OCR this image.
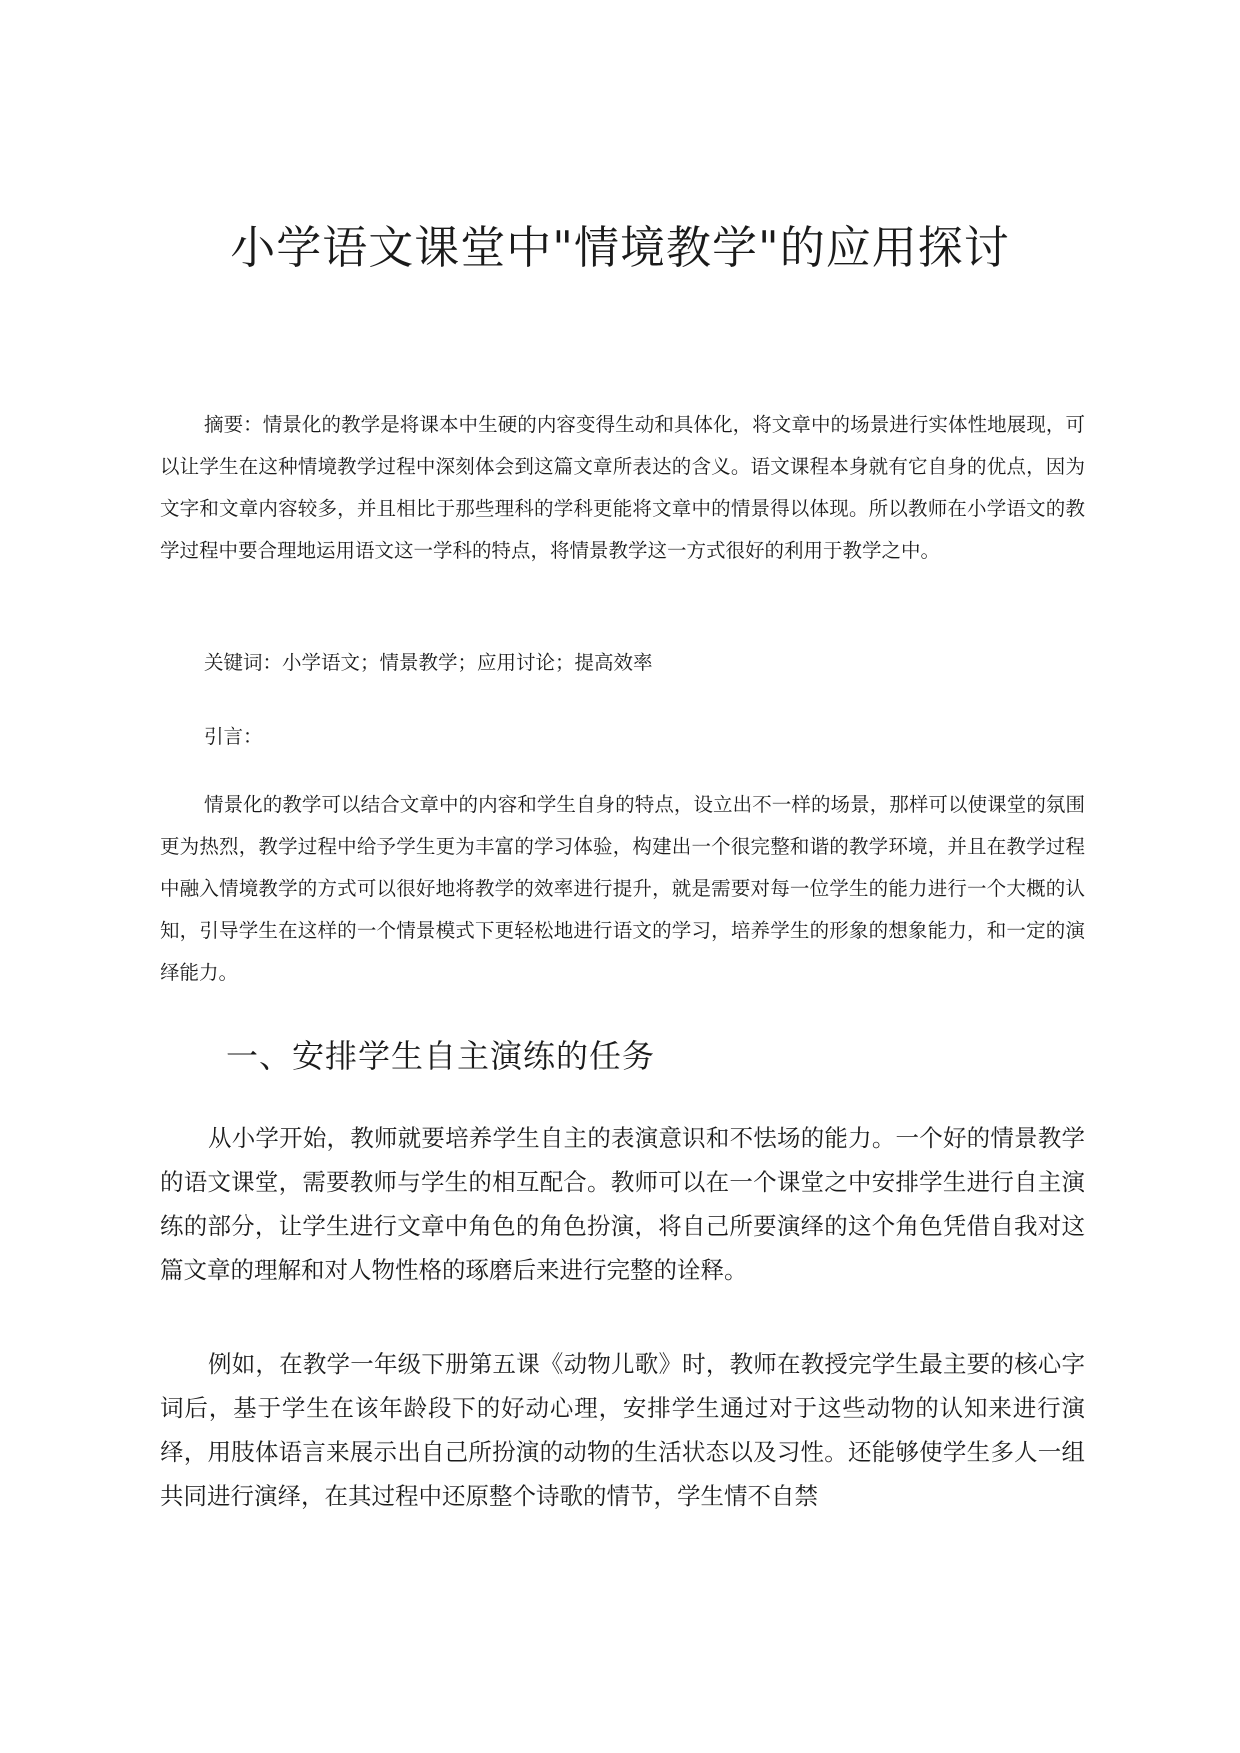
小学语文课堂中"情境教学"的应用探讨

摘要：情景化的教学是将课本中生硬的内容变得生动和具体化，将文章中的场景进行实体性地展现，可以让学生在这种情境教学过程中深刻体会到这篇文章所表达的含义。语文课程本身就有它自身的优点，因为文字和文章内容较多，并且相比于那些理科的学科更能将文章中的情景得以体现。所以教师在小学语文的教学过程中要合理地运用语文这一学科的特点，将情景教学这一方式很好的利用于教学之中。

关键词：小学语文；情景教学；应用讨论；提高效率

引言：

情景化的教学可以结合文章中的内容和学生自身的特点，设立出不一样的场景，那样可以使课堂的氛围更为热烈，教学过程中给予学生更为丰富的学习体验，构建出一个很完整和谐的教学环境，并且在教学过程中融入情境教学的方式可以很好地将教学的效率进行提升，就是需要对每一位学生的能力进行一个大概的认知，引导学生在这样的一个情景模式下更轻松地进行语文的学习，培养学生的形象的想象能力，和一定的演绎能力。

一、安排学生自主演练的任务

从小学开始，教师就要培养学生自主的表演意识和不怯场的能力。一个好的情景教学的语文课堂，需要教师与学生的相互配合。教师可以在一个课堂之中安排学生进行自主演练的部分，让学生进行文章中角色的角色扮演，将自己所要演绎的这个角色凭借自我对这篇文章的理解和对人物性格的琢磨后来进行完整的诠释。

例如，在教学一年级下册第五课《动物儿歌》时，教师在教授完学生最主要的核心字词后，基于学生在该年龄段下的好动心理，安排学生通过对于这些动物的认知来进行演绎，用肢体语言来展示出自己所扮演的动物的生活状态以及习性。还能够使学生多人一组共同进行演绎，在其过程中还原整个诗歌的情节，学生情不自禁
